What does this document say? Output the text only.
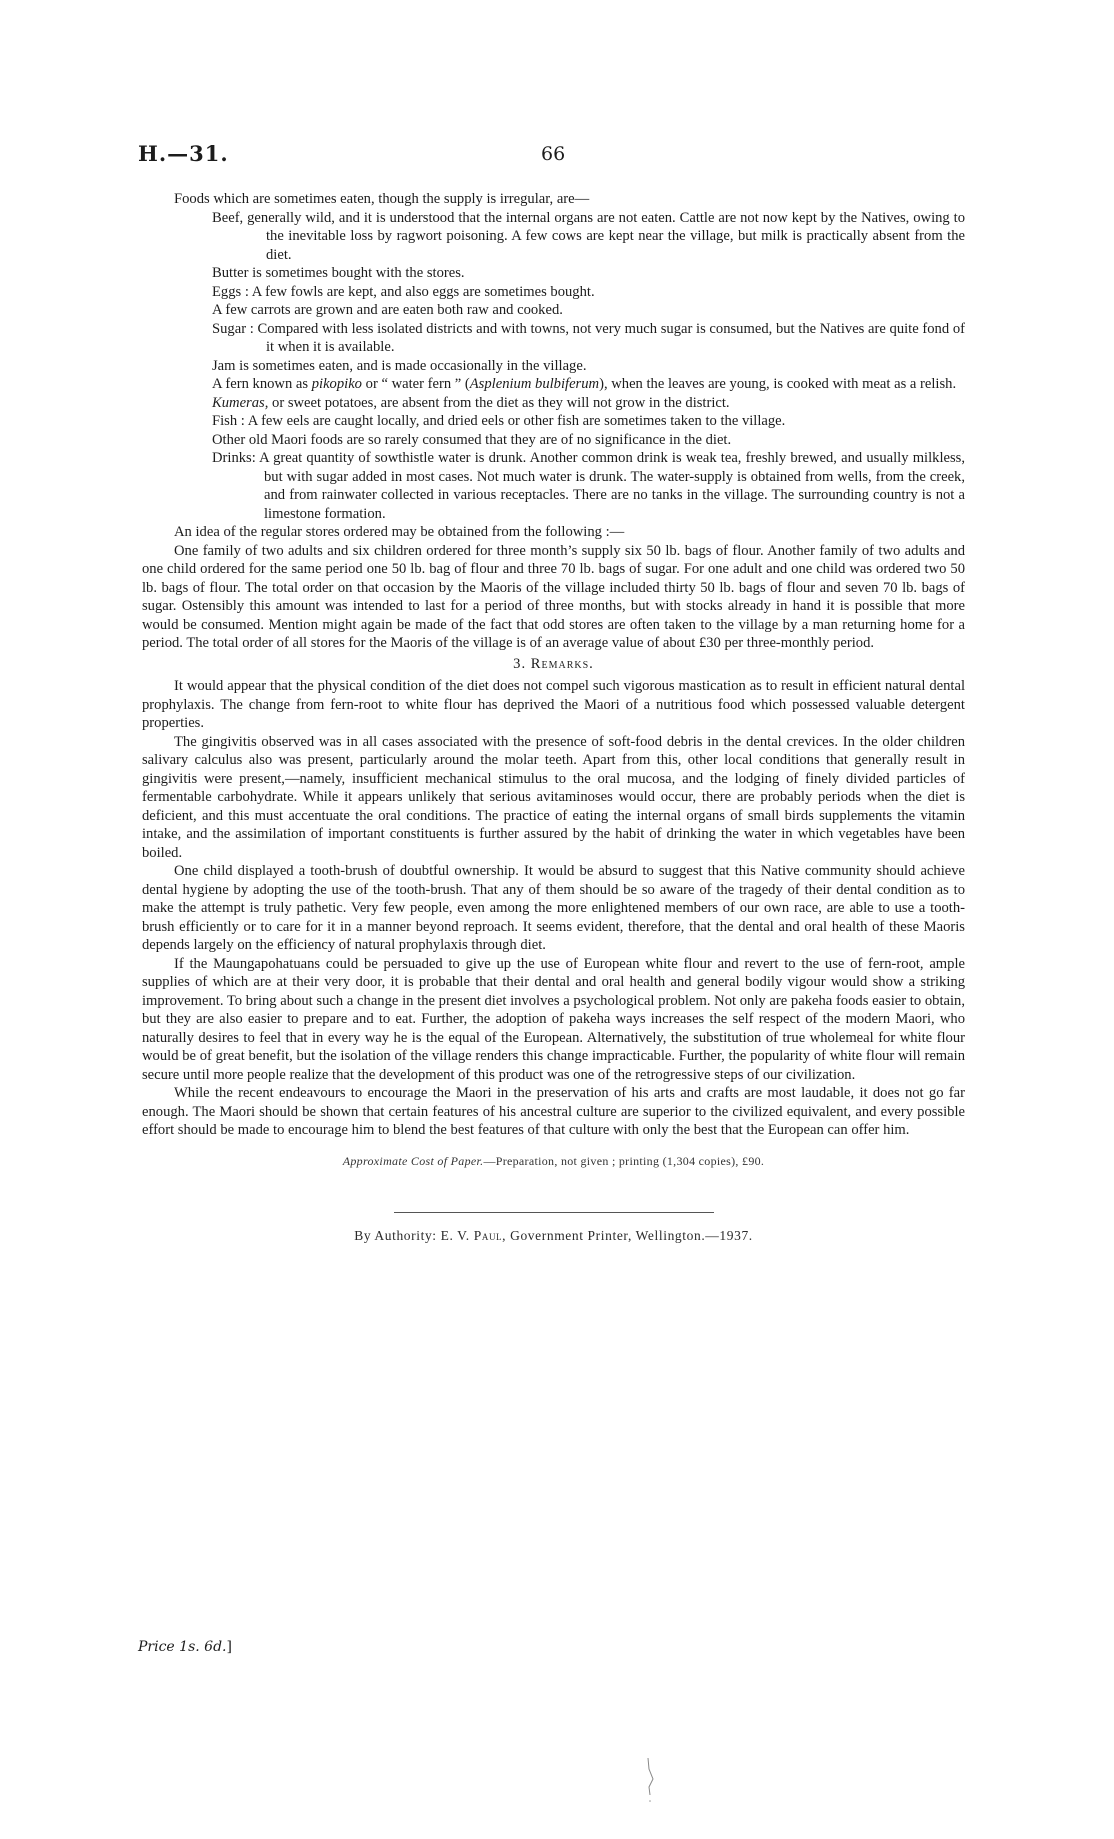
H.—31.	66

Foods which are sometimes eaten, though the supply is irregular, are—

Beef, generally wild, and it is understood that the internal organs are not eaten. Cattle are not now kept by the Natives, owing to the inevitable loss by ragwort poisoning. A few cows are kept near the village, but milk is practically absent from the diet.

Butter is sometimes bought with the stores.

Eggs : A few fowls are kept, and also eggs are sometimes bought.

A few carrots are grown and are eaten both raw and cooked.

Sugar : Compared with less isolated districts and with towns, not very much sugar is consumed, but the Natives are quite fond of it when it is available.

Jam is sometimes eaten, and is made occasionally in the village.

A fern known as pikopiko or “ water fern ” (Asplenium bulbiferum), when the leaves are young, is cooked with meat as a relish.

Kumeras, or sweet potatoes, are absent from the diet as they will not grow in the district.

Fish : A few eels are caught locally, and dried eels or other fish are sometimes taken to the village.

Other old Maori foods are so rarely consumed that they are of no significance in the diet.

Drinks: A great quantity of sowthistle water is drunk. Another common drink is weak tea, freshly brewed, and usually milkless, but with sugar added in most cases. Not much water is drunk. The water-supply is obtained from wells, from the creek, and from rainwater collected in various receptacles. There are no tanks in the village. The surrounding country is not a limestone formation.

An idea of the regular stores ordered may be obtained from the following :—

One family of two adults and six children ordered for three month’s supply six 50 lb. bags of flour. Another family of two adults and one child ordered for the same period one 50 lb. bag of flour and three 70 lb. bags of sugar. For one adult and one child was ordered two 50 lb. bags of flour. The total order on that occasion by the Maoris of the village included thirty 50 lb. bags of flour and seven 70 lb. bags of sugar. Ostensibly this amount was intended to last for a period of three months, but with stocks already in hand it is possible that more would be consumed. Mention might again be made of the fact that odd stores are often taken to the village by a man returning home for a period. The total order of all stores for the Maoris of the village is of an average value of about £30 per three-monthly period.

3. Remarks.

It would appear that the physical condition of the diet does not compel such vigorous mastication as to result in efficient natural dental prophylaxis. The change from fern-root to white flour has deprived the Maori of a nutritious food which possessed valuable detergent properties.

The gingivitis observed was in all cases associated with the presence of soft-food debris in the dental crevices. In the older children salivary calculus also was present, particularly around the molar teeth. Apart from this, other local conditions that generally result in gingivitis were present,—namely, insufficient mechanical stimulus to the oral mucosa, and the lodging of finely divided particles of fermentable carbohydrate. While it appears unlikely that serious avitaminoses would occur, there are probably periods when the diet is deficient, and this must accentuate the oral conditions. The practice of eating the internal organs of small birds supplements the vitamin intake, and the assimilation of important constituents is further assured by the habit of drinking the water in which vegetables have been boiled.

One child displayed a tooth-brush of doubtful ownership. It would be absurd to suggest that this Native community should achieve dental hygiene by adopting the use of the tooth-brush. That any of them should be so aware of the tragedy of their dental condition as to make the attempt is truly pathetic. Very few people, even among the more enlightened members of our own race, are able to use a tooth-brush efficiently or to care for it in a manner beyond reproach. It seems evident, therefore, that the dental and oral health of these Maoris depends largely on the efficiency of natural prophylaxis through diet.

If the Maungapohatuans could be persuaded to give up the use of European white flour and revert to the use of fern-root, ample supplies of which are at their very door, it is probable that their dental and oral health and general bodily vigour would show a striking improvement. To bring about such a change in the present diet involves a psychological problem. Not only are pakeha foods easier to obtain, but they are also easier to prepare and to eat. Further, the adoption of pakeha ways increases the self respect of the modern Maori, who naturally desires to feel that in every way he is the equal of the European. Alternatively, the substitution of true wholemeal for white flour would be of great benefit, but the isolation of the village renders this change impracticable. Further, the popularity of white flour will remain secure until more people realize that the development of this product was one of the retrogressive steps of our civilization.

While the recent endeavours to encourage the Maori in the preservation of his arts and crafts are most laudable, it does not go far enough. The Maori should be shown that certain features of his ancestral culture are superior to the civilized equivalent, and every possible effort should be made to encourage him to blend the best features of that culture with only the best that the European can offer him.

Approximate Cost of Paper.—Preparation, not given ; printing (1,304 copies), £90.

By Authority: E. V. Paul, Government Printer, Wellington.—1937.

Price 1s. 6d.]
